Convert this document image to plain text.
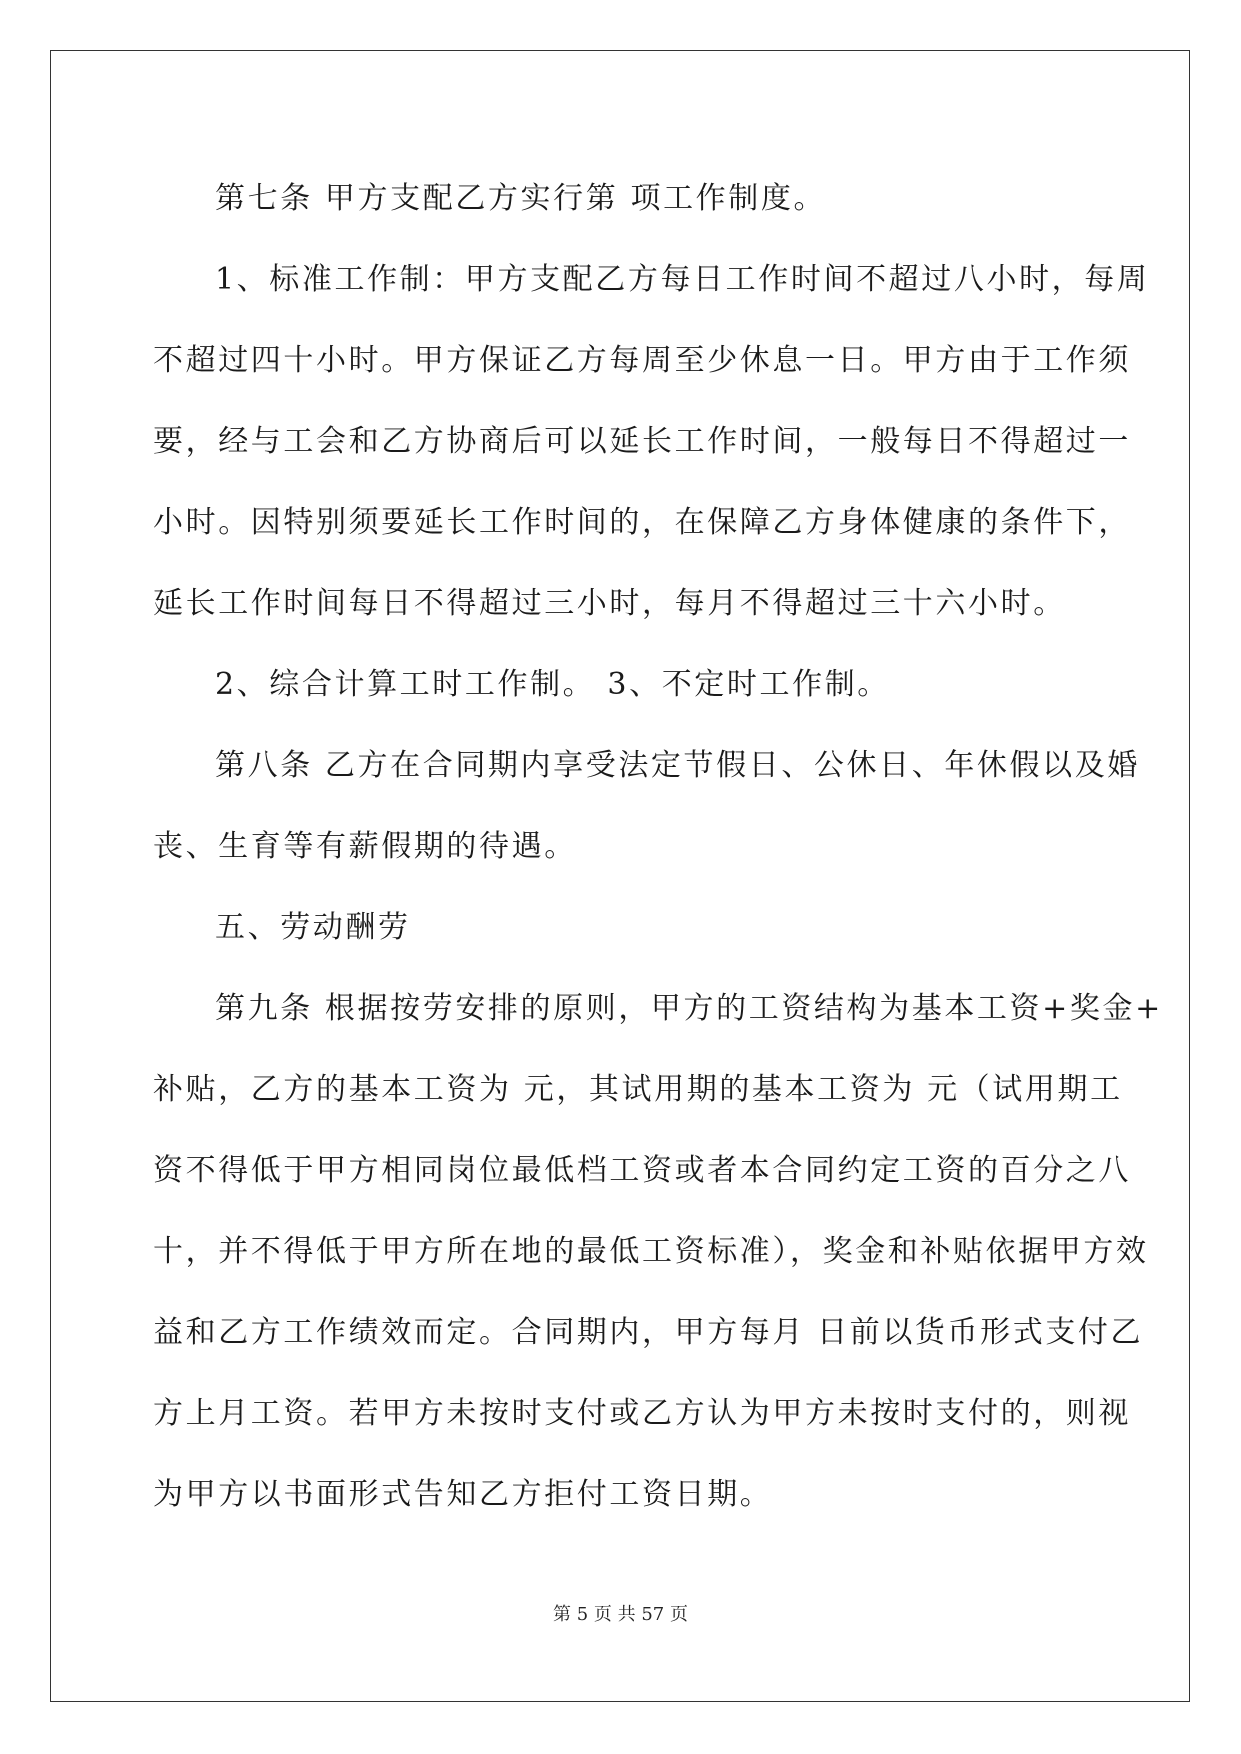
第七条 甲方支配乙方实行第 项工作制度。

1、标准工作制：甲方支配乙方每日工作时间不超过八小时，每周
不超过四十小时。甲方保证乙方每周至少休息一日。甲方由于工作须
要，经与工会和乙方协商后可以延长工作时间，一般每日不得超过一
小时。因特别须要延长工作时间的，在保障乙方身体健康的条件下，
延长工作时间每日不得超过三小时，每月不得超过三十六小时。

2、综合计算工时工作制。 3、不定时工作制。

第八条 乙方在合同期内享受法定节假日、公休日、年休假以及婚
丧、生育等有薪假期的待遇。

五、劳动酬劳

第九条 根据按劳安排的原则，甲方的工资结构为基本工资+奖金+
补贴，乙方的基本工资为 元，其试用期的基本工资为 元（试用期工
资不得低于甲方相同岗位最低档工资或者本合同约定工资的百分之八
十，并不得低于甲方所在地的最低工资标准），奖金和补贴依据甲方效
益和乙方工作绩效而定。合同期内，甲方每月 日前以货币形式支付乙
方上月工资。若甲方未按时支付或乙方认为甲方未按时支付的，则视
为甲方以书面形式告知乙方拒付工资日期。

第 5 页 共 57 页
